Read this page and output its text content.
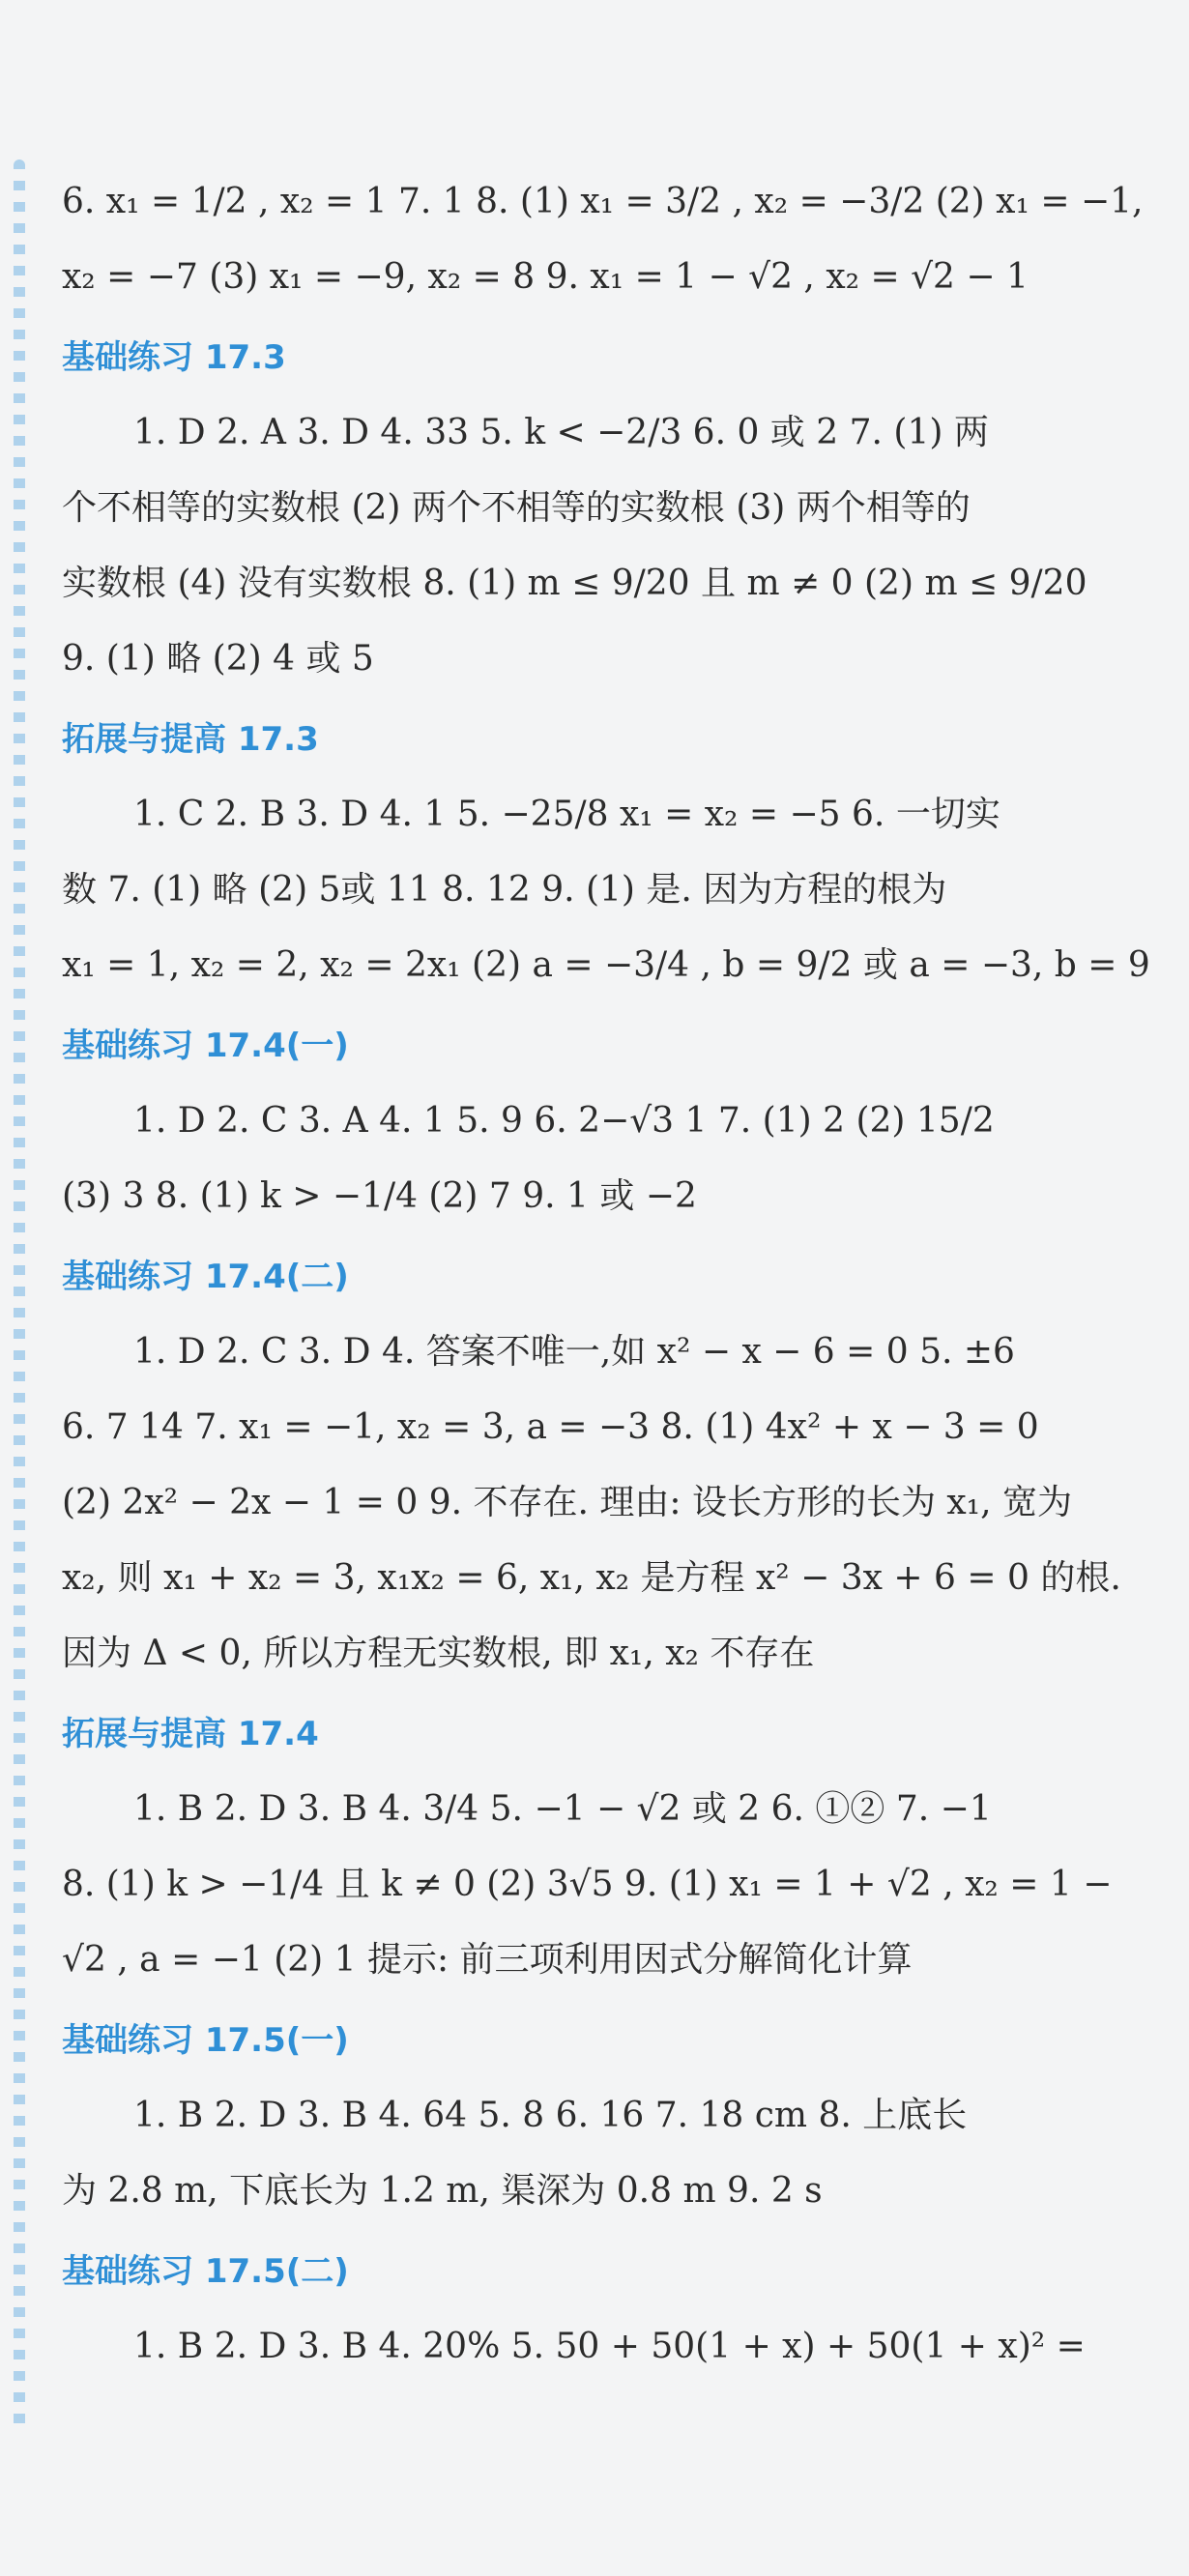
6. x₁ = 1/2 , x₂ = 1 7. 1 8. (1) x₁ = 3/2 , x₂ = −3/2 (2) x₁ = −1,
x₂ = −7 (3) x₁ = −9, x₂ = 8 9. x₁ = 1 − √2 , x₂ = √2 − 1
基础练习 17.3
1. D 2. A 3. D 4. 33 5. k < −2/3 6. 0 或 2 7. (1) 两
个不相等的实数根 (2) 两个不相等的实数根 (3) 两个相等的
实数根 (4) 没有实数根 8. (1) m ≤ 9/20 且 m ≠ 0 (2) m ≤ 9/20
9. (1) 略 (2) 4 或 5
拓展与提高 17.3
1. C 2. B 3. D 4. 1 5. −25/8 x₁ = x₂ = −5 6. 一切实
数 7. (1) 略 (2) 5或 11 8. 12 9. (1) 是. 因为方程的根为
x₁ = 1, x₂ = 2, x₂ = 2x₁ (2) a = −3/4 , b = 9/2 或 a = −3, b = 9
基础练习 17.4(一)
1. D 2. C 3. A 4. 1 5. 9 6. 2−√3 1 7. (1) 2 (2) 15/2
(3) 3 8. (1) k > −1/4 (2) 7 9. 1 或 −2
基础练习 17.4(二)
1. D 2. C 3. D 4. 答案不唯一,如 x² − x − 6 = 0 5. ±6
6. 7 14 7. x₁ = −1, x₂ = 3, a = −3 8. (1) 4x² + x − 3 = 0
(2) 2x² − 2x − 1 = 0 9. 不存在. 理由: 设长方形的长为 x₁, 宽为
x₂, 则 x₁ + x₂ = 3, x₁x₂ = 6, x₁, x₂ 是方程 x² − 3x + 6 = 0 的根.
因为 Δ < 0, 所以方程无实数根, 即 x₁, x₂ 不存在
拓展与提高 17.4
1. B 2. D 3. B 4. 3/4 5. −1 − √2 或 2 6. ①② 7. −1
8. (1) k > −1/4 且 k ≠ 0 (2) 3√5 9. (1) x₁ = 1 + √2 , x₂ = 1 −
√2 , a = −1 (2) 1 提示: 前三项利用因式分解简化计算
基础练习 17.5(一)
1. B 2. D 3. B 4. 64 5. 8 6. 16 7. 18 cm 8. 上底长
为 2.8 m, 下底长为 1.2 m, 渠深为 0.8 m 9. 2 s
基础练习 17.5(二)
1. B 2. D 3. B 4. 20% 5. 50 + 50(1 + x) + 50(1 + x)² =
